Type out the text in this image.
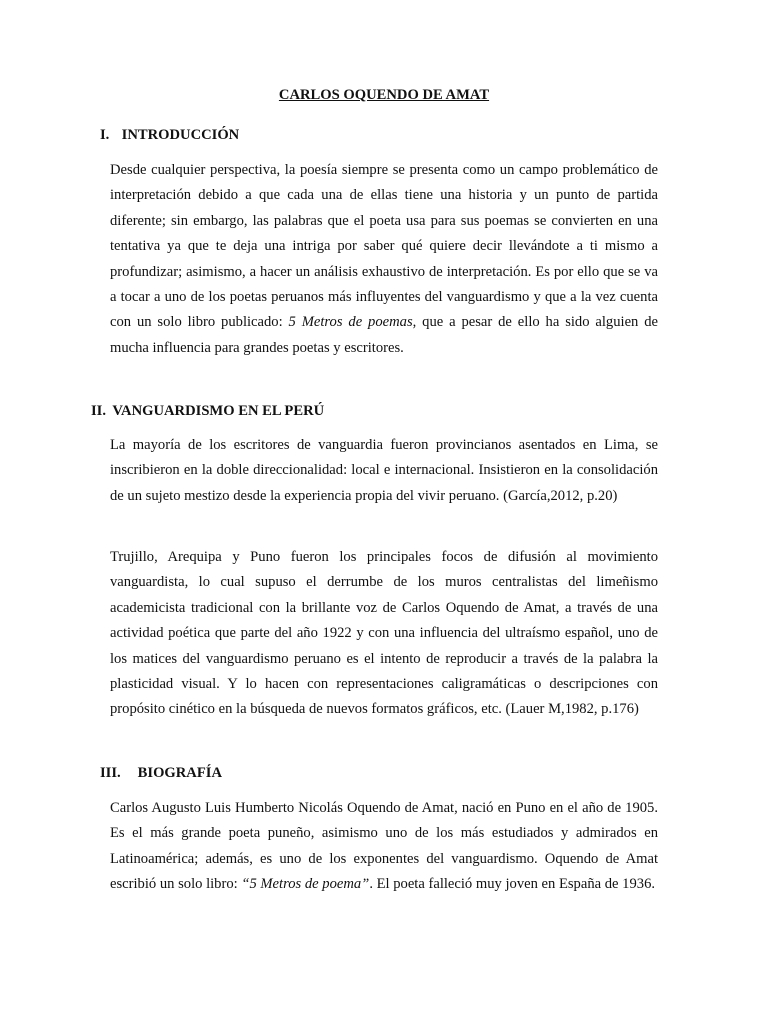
CARLOS OQUENDO DE AMAT
I. INTRODUCCIÓN

Desde cualquier perspectiva, la poesía siempre se presenta como un campo problemático de interpretación debido a que cada una de ellas tiene una historia y un punto de partida diferente; sin embargo, las palabras que el poeta usa para sus poemas se convierten en una tentativa ya que te deja una intriga por saber qué quiere decir llevándote a ti mismo a profundizar; asimismo, a hacer un análisis exhaustivo de interpretación. Es por ello que se va a tocar a uno de los poetas peruanos más influyentes del vanguardismo y que a la vez cuenta con un solo libro publicado: 5 Metros de poemas, que a pesar de ello ha sido alguien de mucha influencia para grandes poetas y escritores.

II. VANGUARDISMO EN EL PERÚ

La mayoría de los escritores de vanguardia fueron provincianos asentados en Lima, se inscribieron en la doble direccionalidad: local e internacional. Insistieron en la consolidación de un sujeto mestizo desde la experiencia propia del vivir peruano. (García,2012, p.20)

Trujillo, Arequipa y Puno fueron los principales focos de difusión al movimiento vanguardista, lo cual supuso el derrumbe de los muros centralistas del limeñismo academicista tradicional con la brillante voz de Carlos Oquendo de Amat, a través de una actividad poética que parte del año 1922 y con una influencia del ultraísmo español, uno de los matices del vanguardismo peruano es el intento de reproducir a través de la palabra la plasticidad visual. Y lo hacen con representaciones caligramáticas o descripciones con propósito cinético en la búsqueda de nuevos formatos gráficos, etc. (Lauer M,1982, p.176)

III. BIOGRAFÍA

Carlos Augusto Luis Humberto Nicolás Oquendo de Amat, nació en Puno en el año de 1905. Es el más grande poeta puneño, asimismo uno de los más estudiados y admirados en Latinoamérica; además, es uno de los exponentes del vanguardismo. Oquendo de Amat escribió un solo libro: “5 Metros de poema”. El poeta falleció muy joven en España de 1936.
